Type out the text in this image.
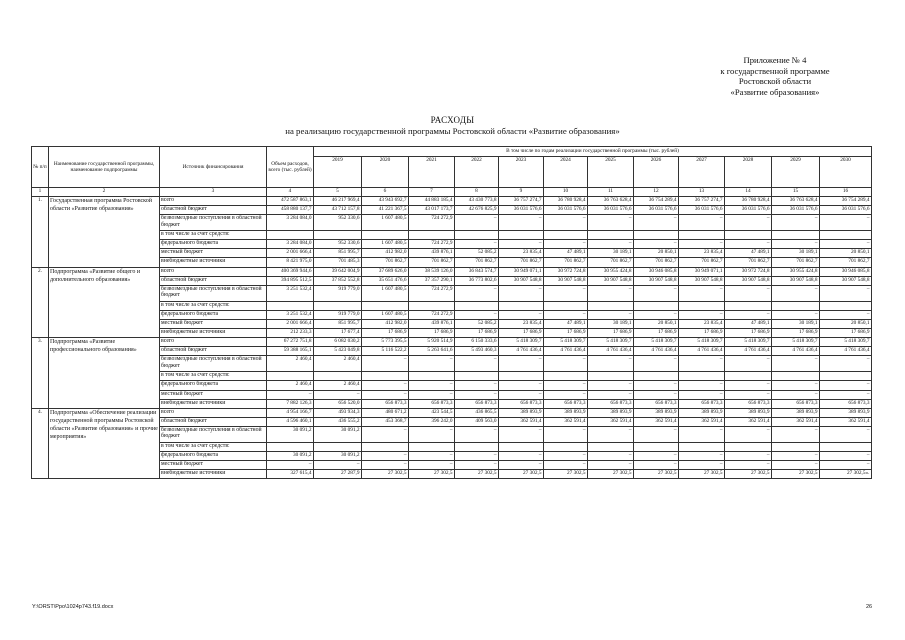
Приложение № 4
к государственной программе
Ростовской области
«Развитие образования»
РАСХОДЫ
на реализацию государственной программы Ростовской области «Развитие образования»
№ п/п	Наименование государственной программы, наименование подпрограммы	Источник финансирования	Объем расходов, всего (тыс. рублей)	В том числе по годам реализации государственной программы (тыс. рублей)											
				2019	2020	2021	2022	2023	2024	2025	2026	2027	2028	2029	2030
1	2	3	4	5	6	7	8	9	10	11	12	13	14	15	16
1.	Государственная программа Ростовской области «Развитие образования»	всего	472 587 863,1	46 217 969,4	43 943 692,7	44 883 185,4	43 430 773,8	36 757 274,7	36 780 928,4	36 763 628,4	36 754 289,4	36 757 274,7	36 780 928,4	36 763 628,4	36 754 289,4
		областной бюджет	458 880 137,7	43 712 157,8	41 221 367,5	43 017 173,7	42 676 825,9	36 031 576,6	36 031 576,6	36 031 576,6	36 031 576,6	36 031 576,6	36 031 576,6	36 031 576,6	36 031 576,6
		безвозмездные поступления в областной бюджет	3 284 084,0	952 330,6	1 607 480,5	724 272,9	–	–	–	–	–	–	–	–	–
		в том числе за счет средств:													
		федерального бюджета	3 284 084,0	952 330,6	1 607 480,5	724 272,9	–	–	–	–	–	–	–	–	–
		местный бюджет	2 001 666,4	851 995,7	412 982,0	439 876,1	52 085,2	23 835,4	47 489,1	30 189,1	20 850,1	23 835,4	47 489,1	30 189,1	20 850,1
		внебюджетные источники	8 421 975,0	701 485,3	701 862,7	701 862,7	701 862,7	701 862,7	701 862,7	701 862,7	701 862,7	701 862,7	701 862,7	701 862,7	701 862,7
2.	Подпрограмма «Развитие общего и дополнительного образования»	всего	400 369 944,6	39 642 004,9	37 689 626,0	38 539 126,0	36 843 574,7	30 949 071,1	30 972 724,8	30 955 424,8	30 946 085,8	30 949 071,1	30 972 724,8	30 955 424,8	30 946 085,8
		областной бюджет	394 895 512,5	37 852 552,8	35 651 476,6	37 357 290,1	36 773 802,6	30 907 548,8	30 907 548,8	30 907 548,8	30 907 548,8	30 907 548,8	30 907 548,8	30 907 548,8	30 907 548,8
		безвозмездные поступления в областной бюджет	3 251 532,4	919 779,0	1 607 480,5	724 272,9	–	–	–	–	–	–	–	–	–
		в том числе за счет средств:													
		федерального бюджета	3 251 532,4	919 779,0	1 607 480,5	724 272,9	–	–	–	–	–	–	–	–	–
		местный бюджет	2 001 666,4	851 995,7	412 982,0	439 876,1	52 085,2	23 835,4	47 489,1	30 189,1	20 850,1	23 835,4	47 489,1	30 189,1	20 850,1
		внебюджетные источники	212 233,3	17 677,4	17 686,9	17 686,9	17 686,9	17 686,9	17 686,9	17 686,9	17 686,9	17 686,9	17 686,9	17 686,9	17 686,9
3.	Подпрограмма «Развитие профессионального образования»	всего	67 272 751,8	6 082 030,2	5 773 395,5	5 920 514,9	6 150 333,6	5 418 309,7	5 418 309,7	5 418 309,7	5 418 309,7	5 418 309,7	5 418 309,7	5 418 309,7	5 418 309,7
		областной бюджет	59 388 165,1	5 423 049,8	5 116 522,2	5 263 641,6	5 493 460,3	4 761 436,4	4 761 436,4	4 761 436,4	4 761 436,4	4 761 436,4	4 761 436,4	4 761 436,4	4 761 436,4
		безвозмездные поступления в областной бюджет	2 460,4	2 460,4	–	–	–	–	–	–	–	–	–	–	–
		в том числе за счет средств:													
		федерального бюджета	2 460,4	2 460,4	–	–	–	–	–	–	–	–	–	–	–
		местный бюджет	–	–	–	–	–	–	–	–	–	–	–	–	–
		внебюджетные источники	7 882 126,3	656 520,0	656 873,3	656 873,3	656 873,3	656 873,3	656 873,3	656 873,3	656 873,3	656 873,3	656 873,3	656 873,3	656 873,3
4.	Подпрограмма «Обеспечение реализации государственной программы Ростовской области «Развитие образования» и прочие мероприятия»	всего	4 954 166,7	493 934,3	480 671,2	423 544,5	436 865,5	389 893,9	389 893,9	389 893,9	389 893,9	389 893,9	389 893,9	389 893,9	389 893,9
		областной бюджет	4 596 460,1	436 555,2	453 368,7	396 242,0	409 563,0	362 591,4	362 591,4	362 591,4	362 591,4	362 591,4	362 591,4	362 591,4	362 591,4
		безвозмездные поступления в областной бюджет	30 091,2	30 091,2	–	–	–	–	–	–	–	–	–	–	–
		в том числе за счет средств:													
		федерального бюджета	30 091,2	30 091,2	–	–	–	–	–	–	–	–	–	–	–
		местный бюджет	–	–	–	–	–	–	–	–	–	–	–	–	–
		внебюджетные источники	327 615,4	27 287,9	27 302,5	27 302,5	27 302,5	27 302,5	27 302,5	27 302,5	27 302,5	27 302,5	27 302,5	27 302,5	27 302,5».
Y:\ORST\Ppo\1024p743.f19.docx	26
